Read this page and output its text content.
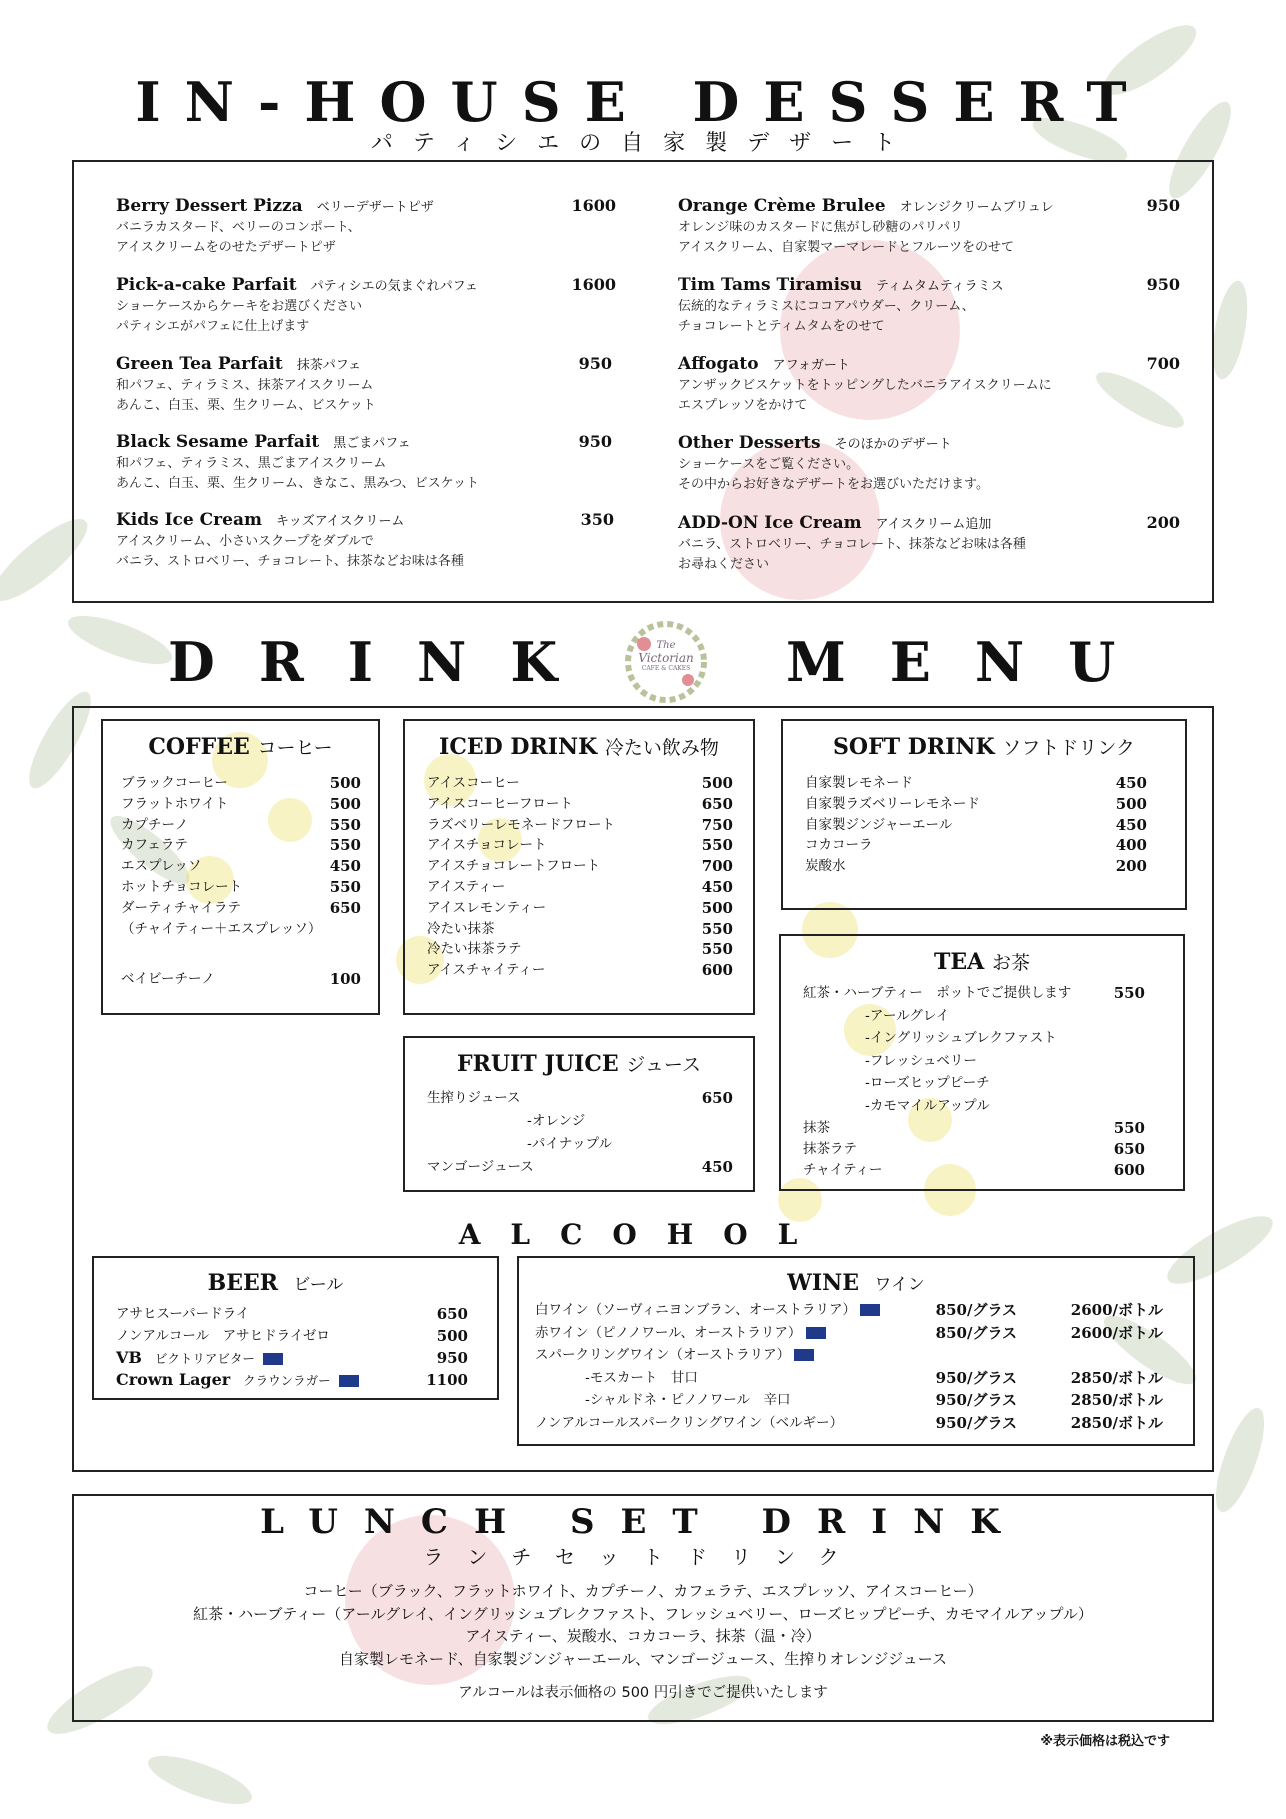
IN-HOUSE DESSERT
パティシエの自家製デザート
Berry Dessert Pizza ベリーデザートピザ	1600
バニラカスタード、ベリーのコンポート、
アイスクリームをのせたデザートピザ
Pick-a-cake Parfait パティシエの気まぐれパフェ	1600
ショーケースからケーキをお選びください
パティシエがパフェに仕上げます
Green Tea Parfait 抹茶パフェ	950
和パフェ、ティラミス、抹茶アイスクリーム
あんこ、白玉、栗、生クリーム、ビスケット
Black Sesame Parfait 黒ごまパフェ	950
和パフェ、ティラミス、黒ごまアイスクリーム
あんこ、白玉、栗、生クリーム、きなこ、黒みつ、ビスケット
Kids Ice Cream キッズアイスクリーム	350
アイスクリーム、小さいスクープをダブルで
バニラ、ストロベリー、チョコレート、抹茶などお味は各種
Orange Crème Brulee オレンジクリームブリュレ	950
オレンジ味のカスタードに焦がし砂糖のパリパリ
アイスクリーム、自家製マーマレードとフルーツをのせて
Tim Tams Tiramisu ティムタムティラミス	950
伝統的なティラミスにココアパウダー、クリーム、
チョコレートとティムタムをのせて
Affogato アフォガート	700
アンザックビスケットをトッピングしたバニラアイスクリームに
エスプレッソをかけて
Other Desserts そのほかのデザート
ショーケースをご覧ください。
その中からお好きなデザートをお選びいただけます。
ADD-ON Ice Cream アイスクリーム追加	200
バニラ、ストロベリー、チョコレート、抹茶などお味は各種
お尋ねください
DRINK	MENU
The
Victorian
CAFE & CAKES
COFFEE コーヒー
ブラックコーヒー	500
フラットホワイト	500
カプチーノ	550
カフェラテ	550
エスプレッソ	450
ホットチョコレート	550
ダーティチャイラテ	650
（チャイティー＋エスプレッソ）
ベイビーチーノ	100
ICED DRINK 冷たい飲み物
アイスコーヒー	500
アイスコーヒーフロート	650
ラズベリーレモネードフロート	750
アイスチョコレート	550
アイスチョコレートフロート	700
アイスティー	450
アイスレモンティー	500
冷たい抹茶	550
冷たい抹茶ラテ	550
アイスチャイティー	600
SOFT DRINK ソフトドリンク
自家製レモネード	450
自家製ラズベリーレモネード	500
自家製ジンジャーエール	450
コカコーラ	400
炭酸水	200
FRUIT JUICE ジュース
生搾りジュース	650
-オレンジ
-パイナップル
マンゴージュース	450
TEA お茶
紅茶・ハーブティー　ポットでご提供します	550
-アールグレイ
-イングリッシュブレクファスト
-フレッシュベリー
-ローズヒップピーチ
-カモマイルアップル
抹茶	550
抹茶ラテ	650
チャイティー	600
ALCOHOL
BEER ビール
アサヒスーパードライ	650
ノンアルコール　アサヒドライゼロ	500
VB ビクトリアビター	950
Crown Lager クラウンラガー	1100
WINE ワイン
白ワイン（ソーヴィニヨンブラン、オーストラリア）	850/グラス	2600/ボトル
赤ワイン（ピノノワール、オーストラリア）	850/グラス	2600/ボトル
スパークリングワイン（オーストラリア）
-モスカート　甘口	950/グラス	2850/ボトル
-シャルドネ・ピノノワール　辛口	950/グラス	2850/ボトル
ノンアルコールスパークリングワイン（ベルギー）	950/グラス	2850/ボトル
LUNCH SET DRINK
ランチセットドリンク
コーヒー（ブラック、フラットホワイト、カプチーノ、カフェラテ、エスプレッソ、アイスコーヒー）
紅茶・ハーブティー（アールグレイ、イングリッシュブレクファスト、フレッシュベリー、ローズヒップピーチ、カモマイルアップル）
アイスティー、炭酸水、コカコーラ、抹茶（温・冷）
自家製レモネード、自家製ジンジャーエール、マンゴージュース、生搾りオレンジジュース
アルコールは表示価格の 500 円引きでご提供いたします
※表示価格は税込です
